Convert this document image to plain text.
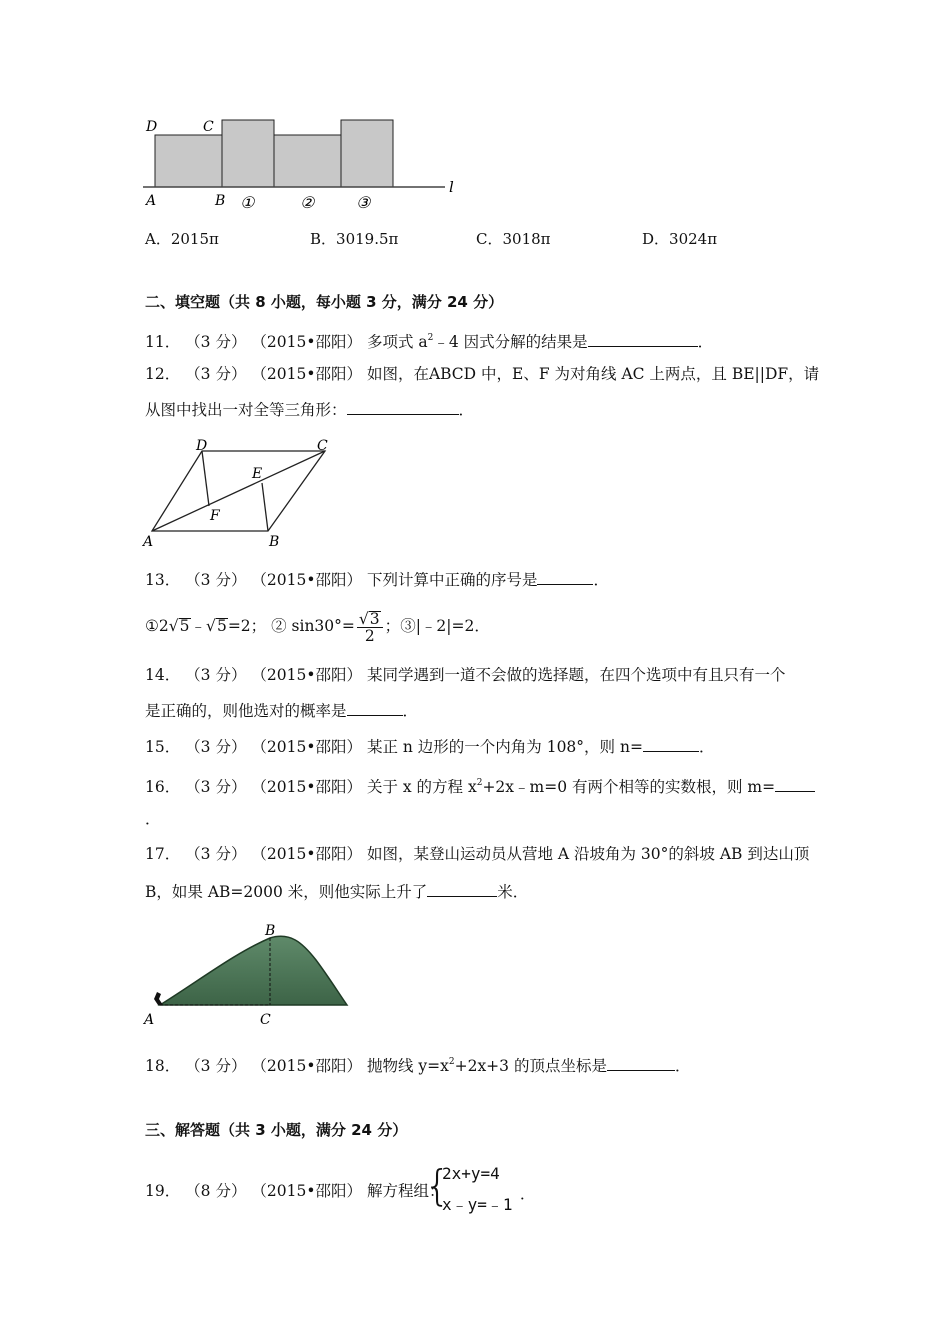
D	C
A	B
l
①	②	③
A．2015π	B．3019.5π	C．3018π	D．3024π
二、填空题（共 8 小题，每小题 3 分，满分 24 分）
11． （3 分） （2015•邵阳） 多项式 $a^2﹣4$ 因式分解的结果是	．
12． （3 分） （2015•邵阳） 如图，在ABCD 中，E、F 为对角线 AC 上两点，且 BE||DF，请
从图中找出一对全等三角形：	．
D	C
E
F
A	B
13． （3 分） （2015•邵阳） 下列计算中正确的序号是	．
①2√5﹣√5=2； ② $\sin 30^\circ= \frac{√3}{2}$ ；③|﹣2|=2．
14． （3 分） （2015•邵阳） 某同学遇到一道不会做的选择题，在四个选项中有且只有一个
是正确的，则他选对的概率是	．
15． （3 分） （2015•邵阳） 某正 n 边形的一个内角为 108°，则 n=	．
16． （3 分） （2015•邵阳） 关于 x 的方程 $x^2+2x﹣m=0$ 有两个相等的实数根，则 m=
．
17． （3 分） （2015•邵阳） 如图，某登山运动员从营地 A 沿坡角为 30°的斜坡 AB 到达山顶
B，如果 AB=2000 米，则他实际上升了	米．
B
A	C
18． （3 分） （2015•邵阳） 抛物线 $y=x^2+2x+3$ 的顶点坐标是	．
三、解答题（共 3 小题，满分 24 分）
19． （8 分） （2015•邵阳） 解方程组：
{
2x+y=4
x﹣y=﹣1
．
